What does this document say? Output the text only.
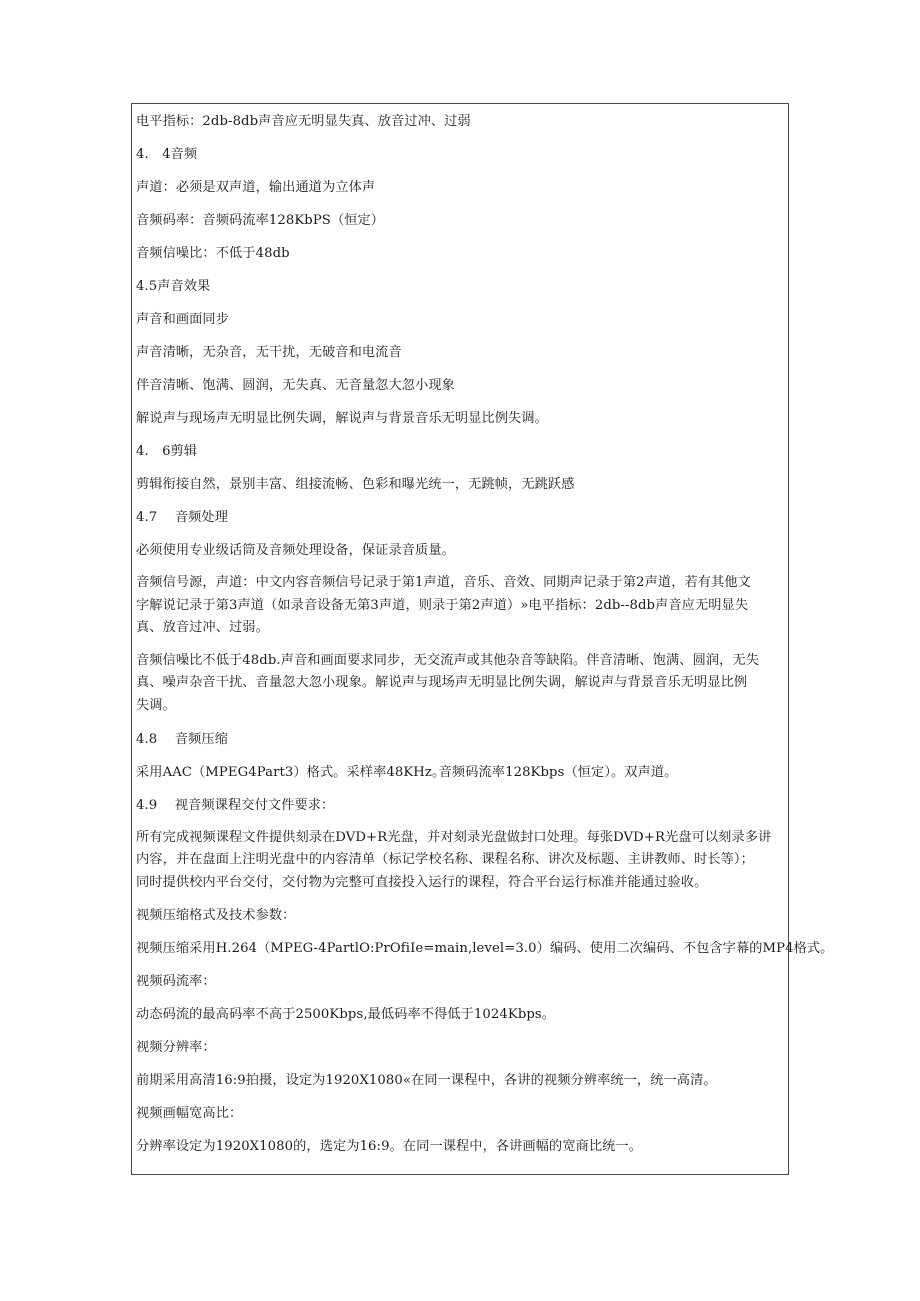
电平指标：2db-8db声音应无明显失真、放音过冲、过弱

4.　4音频

声道：必须是双声道，输出通道为立体声

音频码率：音频码流率128KbPS（恒定）

音频信噪比：不低于48db

4.5声音效果

声音和画面同步

声音清晰，无杂音，无干扰，无破音和电流音

伴音清晰、饱满、圆润，无失真、无音量忽大忽小现象

解说声与现场声无明显比例失调，解说声与背景音乐无明显比例失调。

4.　6剪辑

剪辑衔接自然，景别丰富、组接流畅、色彩和曝光统一，无跳帧，无跳跃感

4.7　 音频处理

必须使用专业级话筒及音频处理设备，保证录音质量。

音频信号源，声道：中文内容音频信号记录于第1声道，音乐、音效、同期声记录于第2声道，若有其他文
字解说记录于第3声道（如录音设备无第3声道，则录于第2声道）»电平指标：2db--8db声音应无明显失
真、放音过冲、过弱。
音频信噪比不低于48db.声音和画面要求同步，无交流声或其他杂音等缺陷。伴音清晰、饱满、圆润，无失
真、噪声杂音干扰、音量忽大忽小现象。解说声与现场声无明显比例失调，解说声与背景音乐无明显比例
失调。

4.8　 音频压缩

采用AAC（MPEG4Part3）格式。采样率48KHz｡音频码流率128Kbps（恒定）。双声道。

4.9　 视音频课程交付文件要求：

所有完成视频课程文件提供刻录在DVD+R光盘，并对刻录光盘做封口处理。每张DVD+R光盘可以刻录多讲
内容，并在盘面上注明光盘中的内容清单（标记学校名称、课程名称、讲次及标题、主讲教师、时长等）；
同时提供校内平台交付，交付物为完整可直接投入运行的课程，符合平台运行标准并能通过验收。

视频压缩格式及技术参数：

视频压缩采用H.264（MPEG-4PartlO:PrOfiIe=main,level=3.0）编码、使用二次编码、不包含字幕的MP4格式。

视频码流率：

动态码流的最高码率不高于2500Kbps,最低码率不得低于1024Kbps。

视频分辨率：

前期采用高清16:9拍摄，设定为1920X1080«在同一课程中，各讲的视频分辨率统一，统一高清。

视频画幅宽高比：

分辨率设定为1920X1080的，选定为16:9。在同一课程中，各讲画幅的宽商比统一。
